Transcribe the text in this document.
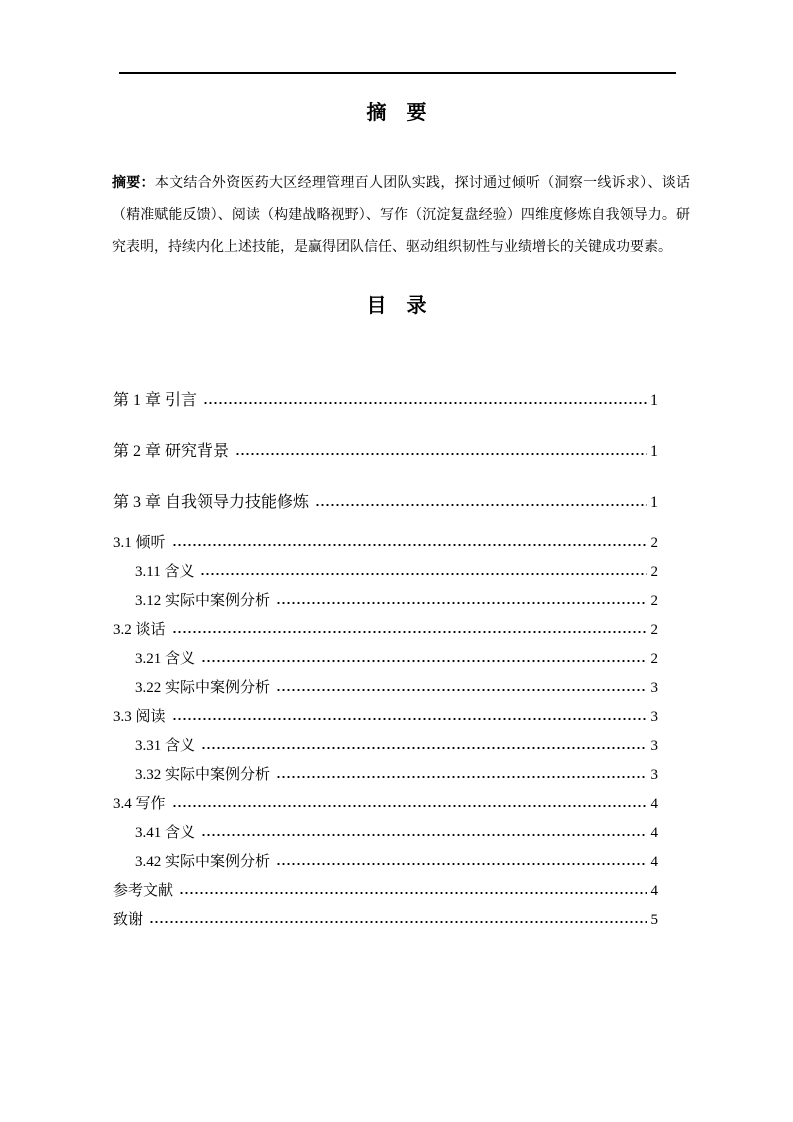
摘　要

摘要：本文结合外资医药大区经理管理百人团队实践，探讨通过倾听（洞察一线诉求）、谈话（精准赋能反馈）、阅读（构建战略视野）、写作（沉淀复盘经验）四维度修炼自我领导力。研究表明，持续内化上述技能，是赢得团队信任、驱动组织韧性与业绩增长的关键成功要素。

目　录
第 1 章 引言	1
第 2 章 研究背景	1
第 3 章 自我领导力技能修炼	1
3.1 倾听	2
3.11 含义	2
3.12 实际中案例分析	2
3.2 谈话	2
3.21 含义	2
3.22 实际中案例分析	3
3.3 阅读	3
3.31 含义	3
3.32 实际中案例分析	3
3.4 写作	4
3.41 含义	4
3.42 实际中案例分析	4
参考文献	4
致谢	5
